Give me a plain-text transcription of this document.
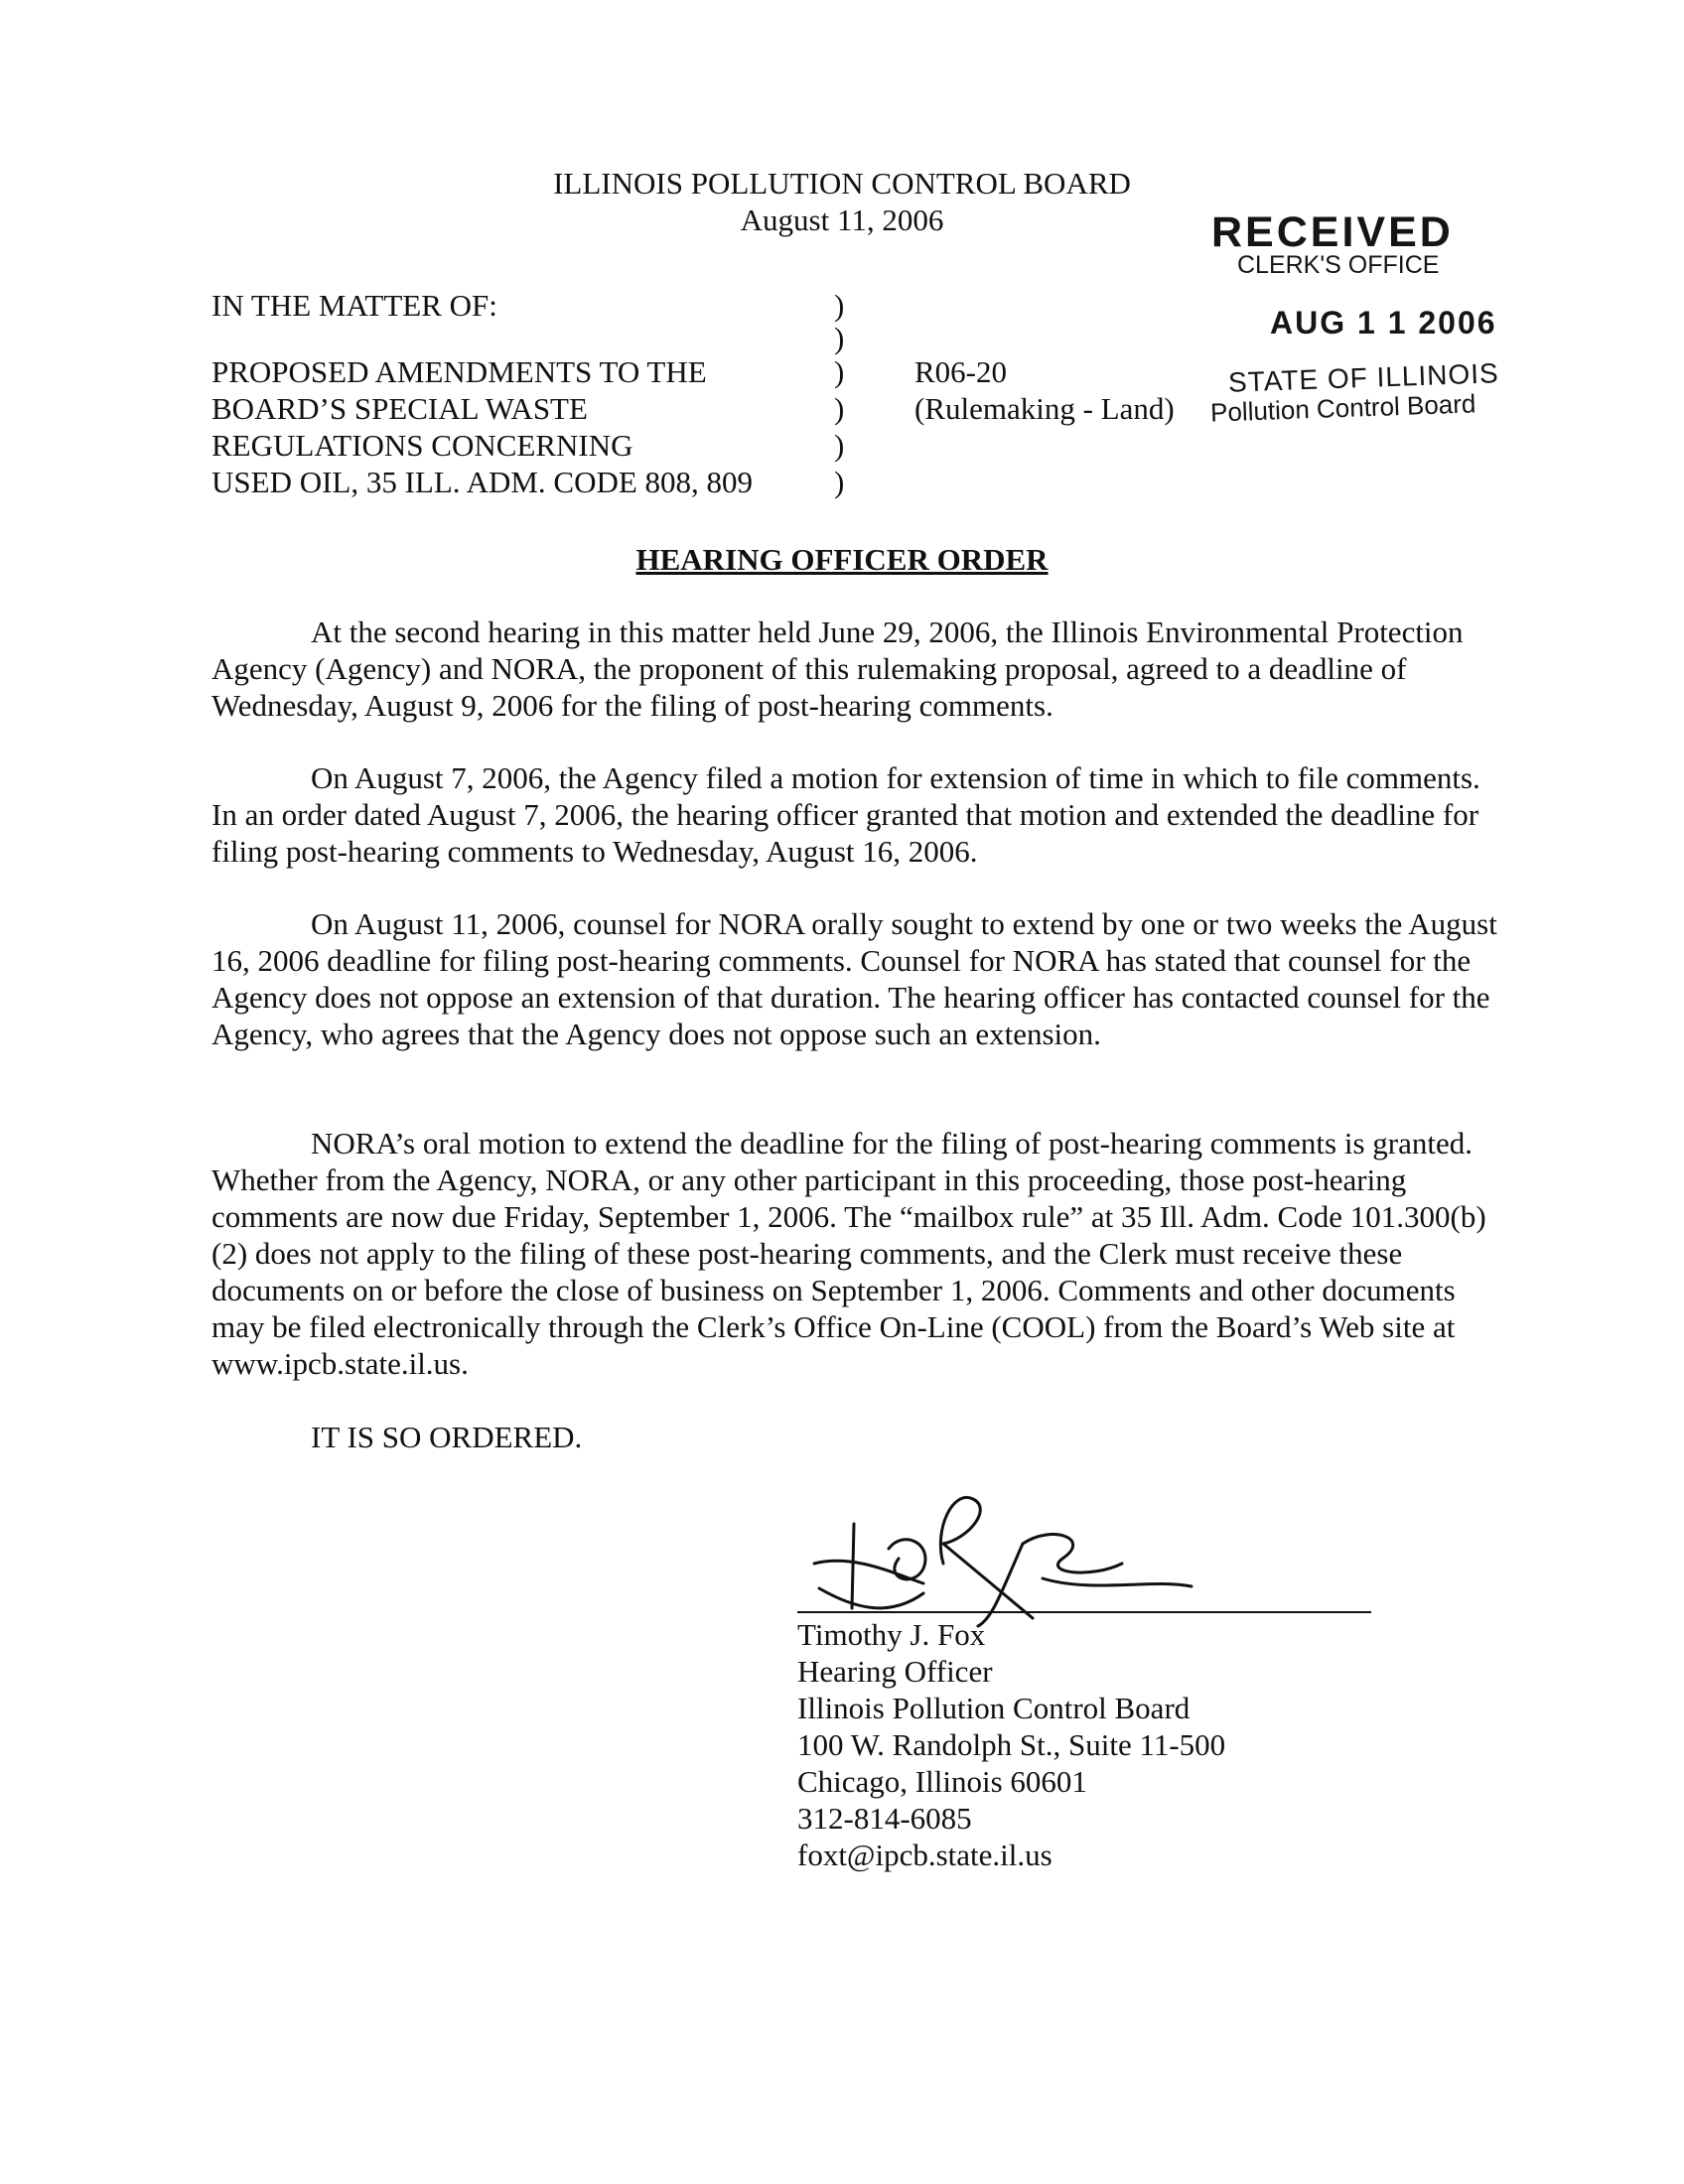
ILLINOIS POLLUTION CONTROL BOARD
August 11, 2006	RECEIVED
CLERK'S OFFICE
AUG 1 1 2006
STATE OF ILLINOIS
Pollution Control Board
IN THE MATTER OF:
PROPOSED AMENDMENTS TO THE
BOARD’S SPECIAL WASTE
REGULATIONS CONCERNING
USED OIL, 35 ILL. ADM. CODE 808, 809
)
)
)
)
)
)
R06-20
(Rulemaking - Land)
HEARING OFFICER ORDER

At the second hearing in this matter held June 29, 2006, the Illinois Environmental Protection Agency (Agency) and NORA, the proponent of this rulemaking proposal, agreed to a deadline of Wednesday, August 9, 2006 for the filing of post-hearing comments.

On August 7, 2006, the Agency filed a motion for extension of time in which to file comments. In an order dated August 7, 2006, the hearing officer granted that motion and extended the deadline for filing post-hearing comments to Wednesday, August 16, 2006.

On August 11, 2006, counsel for NORA orally sought to extend by one or two weeks the August 16, 2006 deadline for filing post-hearing comments. Counsel for NORA has stated that counsel for the Agency does not oppose an extension of that duration. The hearing officer has contacted counsel for the Agency, who agrees that the Agency does not oppose such an extension.

NORA’s oral motion to extend the deadline for the filing of post-hearing comments is granted. Whether from the Agency, NORA, or any other participant in this proceeding, those post-hearing comments are now due Friday, September 1, 2006. The “mailbox rule” at 35 Ill. Adm. Code 101.300(b)(2) does not apply to the filing of these post-hearing comments, and the Clerk must receive these documents on or before the close of business on September 1, 2006. Comments and other documents may be filed electronically through the Clerk’s Office On-Line (COOL) from the Board’s Web site at www.ipcb.state.il.us.

IT IS SO ORDERED.
Timothy J. Fox
Hearing Officer
Illinois Pollution Control Board
100 W. Randolph St., Suite 11-500
Chicago, Illinois 60601
312-814-6085
foxt@ipcb.state.il.us
